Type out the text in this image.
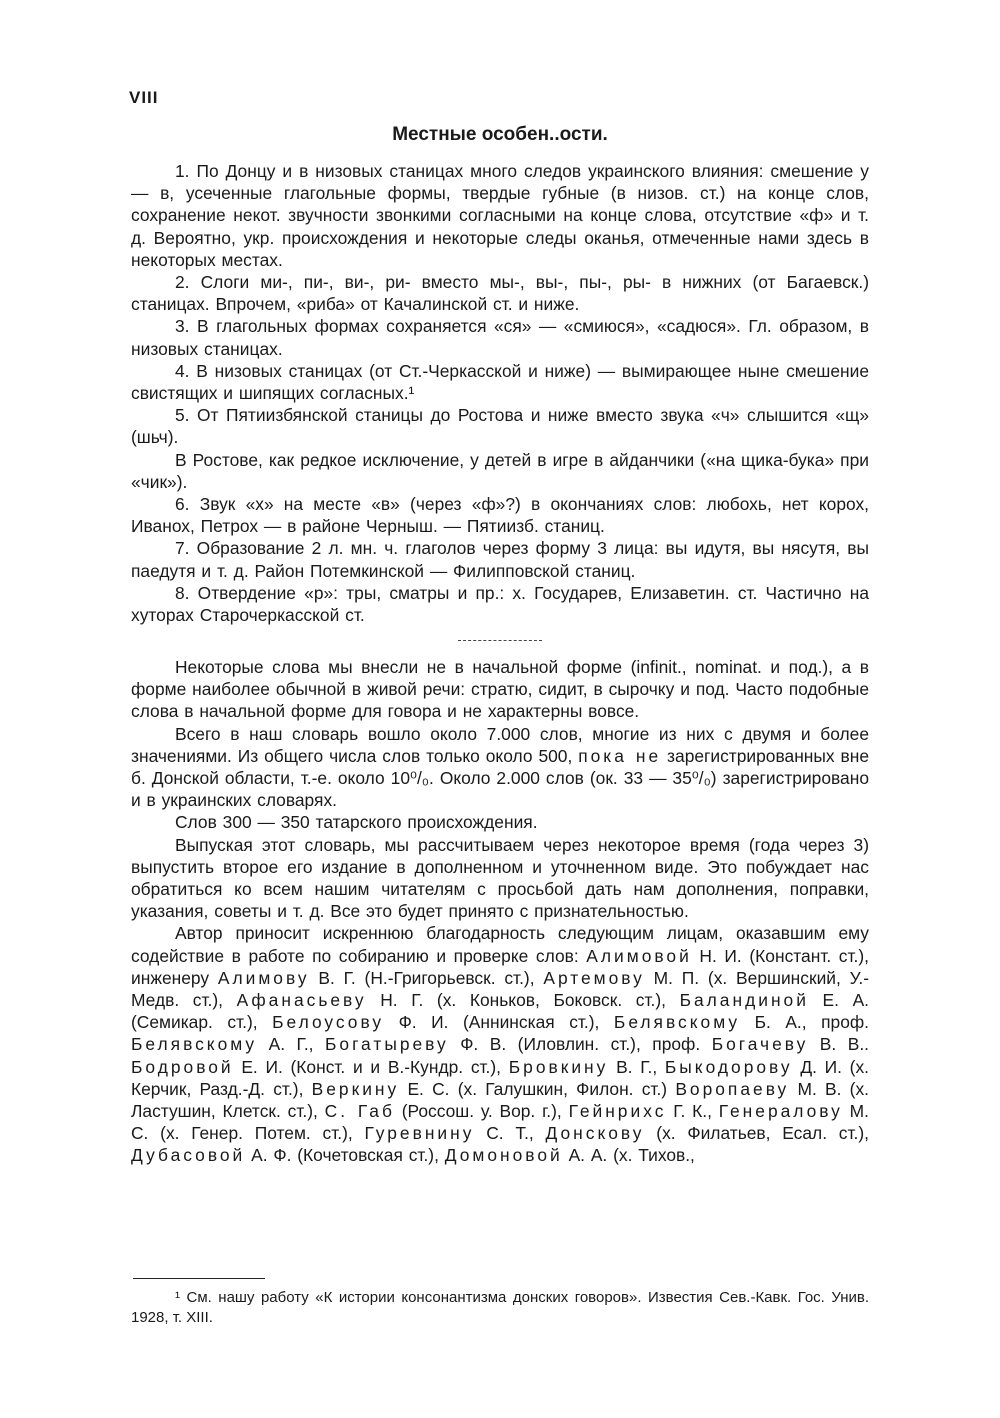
VIII
Местные особен..ости.

1. По Донцу и в низовых станицах много следов украинского влияния: смешение у — в, усеченные глагольные формы, твердые губные (в низов. ст.) на конце слов, сохранение некот. звучности звонкими согласными на конце слова, отсутствие «ф» и т. д. Вероятно, укр. происхождения и некоторые следы оканья, отмеченные нами здесь в некоторых местах.

2. Слоги ми-, пи-, ви-, ри- вместо мы-, вы-, пы-, ры- в нижних (от Багаевск.) станицах. Впрочем, «риба» от Качалинской ст. и ниже.

3. В глагольных формах сохраняется «ся» — «смиюся», «садюся». Гл. образом, в низовых станицах.

4. В низовых станицах (от Ст.-Черкасской и ниже) — вымирающее ныне смешение свистящих и шипящих согласных.¹

5. От Пятиизбянской станицы до Ростова и ниже вместо звука «ч» слышится «щ» (шьч).

В Ростове, как редкое исключение, у детей в игре в айданчики («на щика-бука» при «чик»).

6. Звук «х» на месте «в» (через «ф»?) в окончаниях слов: любохь, нет корох, Иванох, Петрох — в районе Черныш. — Пятиизб. станиц.

7. Образование 2 л. мн. ч. глаголов через форму 3 лица: вы идутя, вы нясутя, вы паедутя и т. д. Район Потемкинской — Филипповской станиц.

8. Отвердение «р»: тры, сматры и пр.: х. Государев, Елизаветин. ст. Частично на хуторах Старочеркасской ст.

Некоторые слова мы внесли не в начальной форме (infinit., nominat. и под.), а в форме наиболее обычной в живой речи: стратю, сидит, в сырочку и под. Часто подобные слова в начальной форме для говора и не характерны вовсе.

Всего в наш словарь вошло около 7.000 слов, многие из них с двумя и более значениями. Из общего числа слов только около 500, пока не зарегистрированных вне б. Донской области, т.-е. около 10⁰/₀. Около 2.000 слов (ок. 33 — 35⁰/₀) зарегистрировано и в украинских словарях.

Слов 300 — 350 татарского происхождения.

Выпуская этот словарь, мы рассчитываем через некоторое время (года через 3) выпустить второе его издание в дополненном и уточненном виде. Это побуждает нас обратиться ко всем нашим читателям с просьбой дать нам дополнения, поправки, указания, советы и т. д. Все это будет принято с признательностью.

Автор приносит искреннюю благодарность следующим лицам, оказавшим ему содействие в работе по собиранию и проверке слов: Алимовой Н. И. (Констант. ст.), инженеру Алимову В. Г. (Н.-Григорьевск. ст.), Артемову М. П. (х. Вершинский, У.-Медв. ст.), Афанасьеву Н. Г. (х. Коньков, Боковск. ст.), Баландиной Е. А. (Семикар. ст.), Белоусову Ф. И. (Аннинская ст.), Белявскому Б. А., проф. Белявскому А. Г., Богатыреву Ф. В. (Иловлин. ст.), проф. Богачеву В. В.. Бодровой Е. И. (Конст. и и В.-Кундр. ст.), Бровкину В. Г., Быкодорову Д. И. (х. Керчик, Разд.-Д. ст.), Веркину Е. С. (х. Галушкин, Филон. ст.) Воропаеву М. В. (х. Ластушин, Клетск. ст.), С. Габ (Россош. у. Вор. г.), Гейнрихс Г. К., Генералову М. С. (х. Генер. Потем. ст.), Гуревнину С. Т., Донскову (х. Филатьев, Есал. ст.), Дубасовой А. Ф. (Кочетовская ст.), Домоновой А. А. (х. Тихов.,

¹ См. нашу работу «К истории консонантизма донских говоров». Известия Сев.-Кавк. Гос. Унив. 1928, т. XIII.
